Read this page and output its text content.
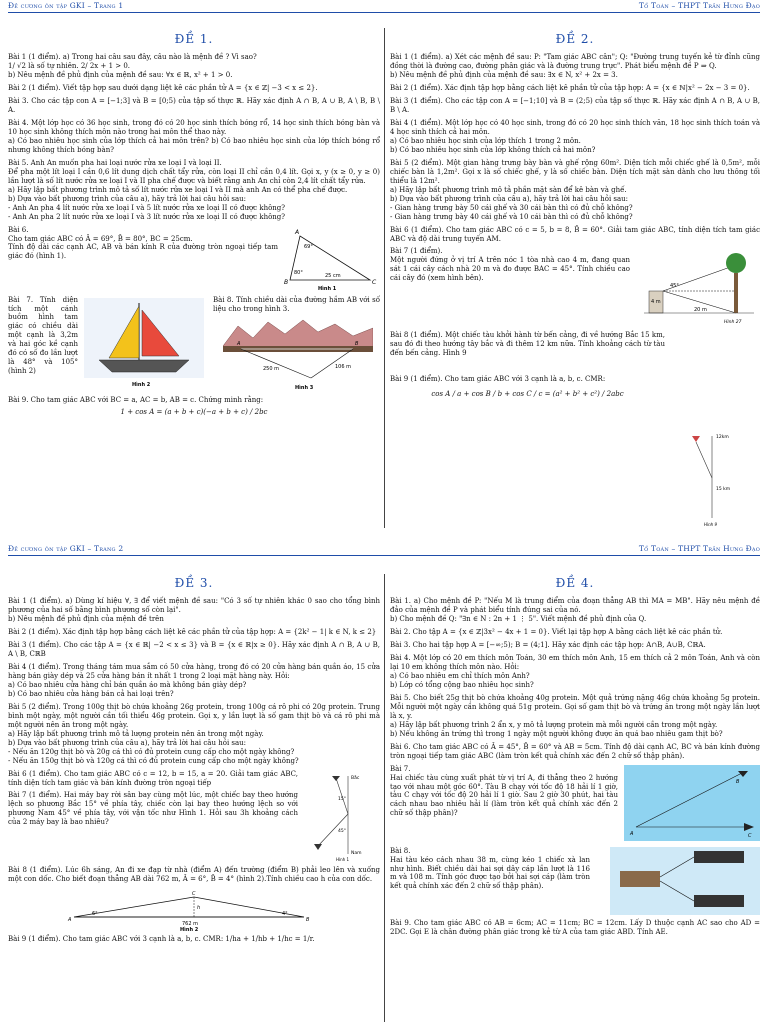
Đề cương ôn tập GKI – Trang 1	Tổ Toán – THPT Trần Hưng Đạo
ĐỀ 1.
Bài 1 (1 điểm). a) Trong hai câu sau đây, câu nào là mệnh đề ? Vì sao?
1/ √2 là số tự nhiên. 2/ 2x + 1 > 0.
b) Nêu mệnh đề phủ định của mệnh đề sau: ∀x ∈ ℝ, x² + 1 > 0.
Bài 2 (1 điểm). Viết tập hợp sau dưới dạng liệt kê các phần tử A = {x ∈ ℤ| −3 < x ≤ 2}.
Bài 3. Cho các tập con A = [−1;3] và B = [0;5) của tập số thực ℝ. Hãy xác định A ∩ B, A ∪ B, A \ B, B \ A.
Bài 4. Một lớp học có 36 học sinh, trong đó có 20 học sinh thích bóng rổ, 14 học sinh thích bóng bàn và 10 học sinh không thích môn nào trong hai môn thể thao này.
a) Có bao nhiêu học sinh của lớp thích cả hai môn trên? b) Có bao nhiêu học sinh của lớp thích bóng rổ nhưng không thích bóng bàn?
Bài 5. Anh An muốn pha hai loại nước rửa xe loại I và loại II.
Để pha một lít loại I cần 0,6 lít dung dịch chất tẩy rửa, còn loại II chỉ cần 0,4 lít. Gọi x, y (x ≥ 0, y ≥ 0) lần lượt là số lít nước rửa xe loại I và II pha chế được và biết rằng anh An chỉ còn 2,4 lít chất tẩy rửa.
a) Hãy lập bất phương trình mô tả số lít nước rửa xe loại I và II mà anh An có thể pha chế được.
b) Dựa vào bất phương trình của câu a), hãy trả lời hai câu hỏi sau:
- Anh An pha 4 lít nước rửa xe loại I và 5 lít nước rửa xe loại II có được không?
- Anh An pha 2 lít nước rửa xe loại I và 3 lít nước rửa xe loại II có được không?
Bài 6.
Cho tam giác ABC có Â = 69°, B̂ = 80°, BC = 25cm.
Tính độ dài các cạnh AC, AB và bán kính R của đường tròn ngoại tiếp tam giác đó (hình 1).
A
B	C
69°
80°	25 cm
Hình 1
Bài 7. Tính diện tích một cánh buồm hình tam giác có chiều dài một cạnh là 3,2m và hai góc kề cạnh đó có số đo lần lượt là 48° và 105° (hình 2)
Hình 2
Bài 8. Tính chiều dài của đường hầm AB với số liệu cho trong hình 3.
A	B
250 m	106 m
Hình 3
Bài 9. Cho tam giác ABC với BC = a, AC = b, AB = c. Chứng minh rằng:
1 + cos A = (a + b + c)(−a + b + c) / 2bc
ĐỀ 2.
Bài 1 (1 điểm). a) Xét các mệnh đề sau: P: "Tam giác ABC cân"; Q: "Đường trung tuyến kẻ từ đỉnh cũng đồng thời là đường cao, đường phân giác và là đường trung trực". Phát biểu mệnh đề P ⇒ Q.
b) Nêu mệnh đề phủ định của mệnh đề sau: ∃x ∈ N, x² + 2x = 3.
Bài 2 (1 điểm). Xác định tập hợp bằng cách liệt kê phần tử của tập hợp: A = {x ∈ ℕ|x² − 2x − 3 = 0}.
Bài 3 (1 điểm). Cho các tập con A = [−1;10] và B = (2;5) của tập số thực ℝ. Hãy xác định A ∩ B, A ∪ B, B \ A.
Bài 4 (1 điểm). Một lớp học có 40 học sinh, trong đó có 20 học sinh thích văn, 18 học sinh thích toán và 4 học sinh thích cả hai môn.
a) Có bao nhiêu học sinh của lớp thích 1 trong 2 môn.
b) Có bao nhiêu học sinh của lớp không thích cả hai môn?
Bài 5 (2 điểm). Một gian hàng trưng bày bàn và ghế rộng 60m². Diện tích mỗi chiếc ghế là 0,5m², mỗi chiếc bàn là 1,2m². Gọi x là số chiếc ghế, y là số chiếc bàn. Diện tích mặt sàn dành cho lưu thông tối thiểu là 12m².
a) Hãy lập bất phương trình mô tả phần mặt sàn để kê bàn và ghế.
b) Dựa vào bất phương trình của câu a), hãy trả lời hai câu hỏi sau:
- Gian hàng trưng bày 50 cái ghế và 30 cái bàn thì có đủ chỗ không?
- Gian hàng trưng bày 40 cái ghế và 10 cái bàn thì có đủ chỗ không?
Bài 6 (1 điểm). Cho tam giác ABC có c = 5, b = 8, B̂ = 60°. Giải tam giác ABC, tính diện tích tam giác ABC và độ dài trung tuyến AM.
Bài 7 (1 điểm).
Một người đứng ở vị trí A trên nóc 1 tòa nhà cao 4 m, đang quan sát 1 cái cây cách nhà 20 m và đo được BAC = 45°. Tính chiều cao cái cây đó (xem hình bên).
45°
4 m
20 m
Hình 27
Bài 8 (1 điểm). Một chiếc tàu khởi hành từ bến cảng, đi về hướng Bắc 15 km, sau đó đi theo hướng tây bắc và đi thêm 12 km nữa. Tính khoảng cách từ tàu đến bến cảng. Hình 9
Bài 9 (1 điểm). Cho tam giác ABC với 3 cạnh là a, b, c. CMR:
cos A / a + cos B / b + cos C / c = (a² + b² + c²) / 2abc
12km
15 km
Hình 9
Đề cương ôn tập GKI – Trang 2	Tổ Toán – THPT Trần Hưng Đạo
ĐỀ 3.
Bài 1 (1 điểm). a) Dùng kí hiệu ∀, ∃ để viết mệnh đề sau: "Có 3 số tự nhiên khác 0 sao cho tổng bình phương của hai số bằng bình phương số còn lại".
b) Nêu mệnh đề phủ định của mệnh đề trên
Bài 2 (1 điểm). Xác định tập hợp bằng cách liệt kê các phần tử của tập hợp: A = {2k² − 1| k ∈ N, k ≤ 2}
Bài 3 (1 điểm). Cho các tập A = {x ∈ ℝ| −2 < x ≤ 3} và B = {x ∈ ℝ|x ≥ 0}. Hãy xác định A ∩ B, A ∪ B, A \ B, CℝB
Bài 4 (1 điểm). Trong tháng tám mua sắm có 50 cửa hàng, trong đó có 20 cửa hàng bán quần áo, 15 cửa hàng bán giày dép và 25 cửa hàng bán ít nhất 1 trong 2 loại mặt hàng này. Hỏi:
a) Có bao nhiêu cửa hàng chỉ bán quần áo mà không bán giày dép?
b) Có bao nhiêu cửa hàng bán cả hai loại trên?
Bài 5 (2 điểm). Trong 100g thịt bò chứa khoảng 26g protein, trong 100g cá rô phi có 20g protein. Trung bình một ngày, một người cần tối thiểu 46g protein. Gọi x, y lần lượt là số gam thịt bò và cá rô phi mà một người nên ăn trong một ngày.
a) Hãy lập bất phương trình mô tả lượng protein nên ăn trong một ngày.
b) Dựa vào bất phương trình của câu a), hãy trả lời hai câu hỏi sau:
- Nếu ăn 120g thịt bò và 20g cá thì có đủ protein cung cấp cho một ngày không?
- Nếu ăn 150g thịt bò và 120g cá thì có đủ protein cung cấp cho một ngày không?
Bài 6 (1 điểm). Cho tam giác ABC có c = 12, b = 15, a = 20. Giải tam giác ABC, tính diện tích tam giác và bán kính đường tròn ngoại tiếp
Bài 7 (1 điểm). Hai máy bay rời sân bay cùng một lúc, một chiếc bay theo hướng lệch so phương Bắc 15° về phía tây, chiếc còn lại bay theo hướng lệch so với phương Nam 45° về phía tây, với vận tốc như Hình 1. Hỏi sau 3h khoảng cách của 2 máy bay là bao nhiêu?
Bắc
Nam
15°
45°
Hình 1
Bài 8 (1 điểm). Lúc 6h sáng, An đi xe đạp từ nhà (điểm A) đến trường (điểm B) phải leo lên và xuống một con dốc. Cho biết đoạn thẳng AB dài 762 m, Â = 6°, B̂ = 4° (hình 2).Tính chiều cao h của con dốc.
A	B
C
h
6°	4°
762 m
Hình 2
Bài 9 (1 điểm). Cho tam giác ABC với 3 cạnh là a, b, c. CMR: 1/ha + 1/hb + 1/hc = 1/r.
ĐỀ 4.
Bài 1. a) Cho mệnh đề P: "Nếu M là trung điểm của đoạn thẳng AB thì MA = MB". Hãy nêu mệnh đề đảo của mệnh đề P và phát biểu tính đúng sai của nó.
b) Cho mệnh đề Q: "∃n ∈ N : 2n + 1 ⋮ 5". Viết mệnh đề phủ định của Q.
Bài 2. Cho tập A = {x ∈ ℤ|3x² − 4x + 1 = 0}. Viết lại tập hợp A bằng cách liệt kê các phần tử.
Bài 3. Cho hai tập hợp A = [−∞;5); B = (4;1]. Hãy xác định các tập hợp: A∩B, A∪B, CℝA.
Bài 4. Một lớp có 20 em thích môn Toán, 30 em thích môn Anh, 15 em thích cả 2 môn Toán, Anh và còn lại 10 em không thích môn nào. Hỏi:
a) Có bao nhiêu em chỉ thích môn Anh?
b) Lớp có tổng cộng bao nhiêu học sinh?
Bài 5. Cho biết 25g thịt bò chứa khoảng 40g protein. Một quả trứng nặng 46g chứa khoảng 5g protein. Mỗi người một ngày cần không quá 51g protein. Gọi số gam thịt bò và trứng ăn trong một ngày lần lượt là x, y.
a) Hãy lập bất phương trình 2 ẩn x, y mô tả lượng protein mà mỗi người cần trong một ngày.
b) Nếu không ăn trứng thì trong 1 ngày một người không được ăn quá bao nhiêu gam thịt bò?
Bài 6. Cho tam giác ABC có Â = 45°, B̂ = 60° và AB = 5cm. Tính độ dài cạnh AC, BC và bán kính đường tròn ngoại tiếp tam giác ABC (làm tròn kết quả chính xác đến 2 chữ số thập phân).
Bài 7.
Hai chiếc tàu cùng xuất phát từ vị trí A, đi thẳng theo 2 hướng tạo với nhau một góc 60°. Tàu B chạy với tốc độ 18 hải lí 1 giờ, tàu C chạy với tốc độ 20 hải lí 1 giờ. Sau 2 giờ 30 phút, hai tàu cách nhau bao nhiêu hải lí (làm tròn kết quả chính xác đến 2 chữ số thập phân)?
A
B
C
Bài 8.
Hai tàu kéo cách nhau 38 m, cùng kéo 1 chiếc xà lan như hình. Biết chiều dài hai sợi dây cáp lần lượt là 116 m và 108 m. Tính góc được tạo bởi hai sợi cáp (làm tròn kết quả chính xác đến 2 chữ số thập phân).
Bài 9. Cho tam giác ABC có AB = 6cm; AC = 11cm; BC = 12cm. Lấy D thuộc cạnh AC sao cho AD = 2DC. Gọi E là chân đường phân giác trong kẻ từ A của tam giác ABD. Tính AE.
